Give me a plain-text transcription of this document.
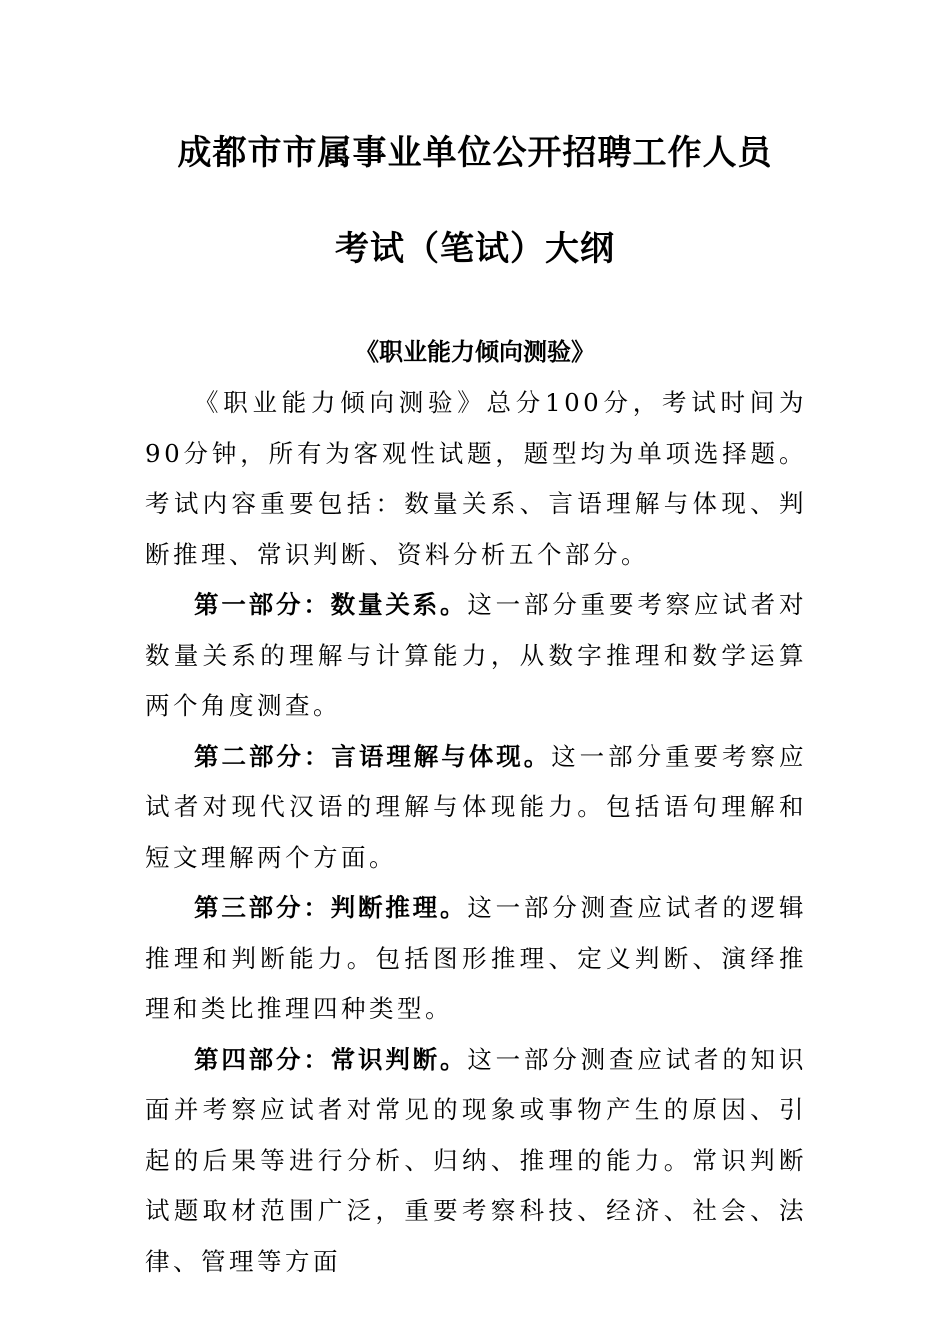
成都市市属事业单位公开招聘工作人员
考试（笔试）大纲
《职业能力倾向测验》

《职业能力倾向测验》总分100分，考试时间为90分钟，所有为客观性试题，题型均为单项选择题。考试内容重要包括：数量关系、言语理解与体现、判断推理、常识判断、资料分析五个部分。

第一部分：数量关系。这一部分重要考察应试者对数量关系的理解与计算能力，从数字推理和数学运算两个角度测查。

第二部分：言语理解与体现。这一部分重要考察应试者对现代汉语的理解与体现能力。包括语句理解和短文理解两个方面。

第三部分：判断推理。这一部分测查应试者的逻辑推理和判断能力。包括图形推理、定义判断、演绎推理和类比推理四种类型。

第四部分：常识判断。这一部分测查应试者的知识面并考察应试者对常见的现象或事物产生的原因、引起的后果等进行分析、归纳、推理的能力。常识判断试题取材范围广泛，重要考察科技、经济、社会、法律、管理等方面
